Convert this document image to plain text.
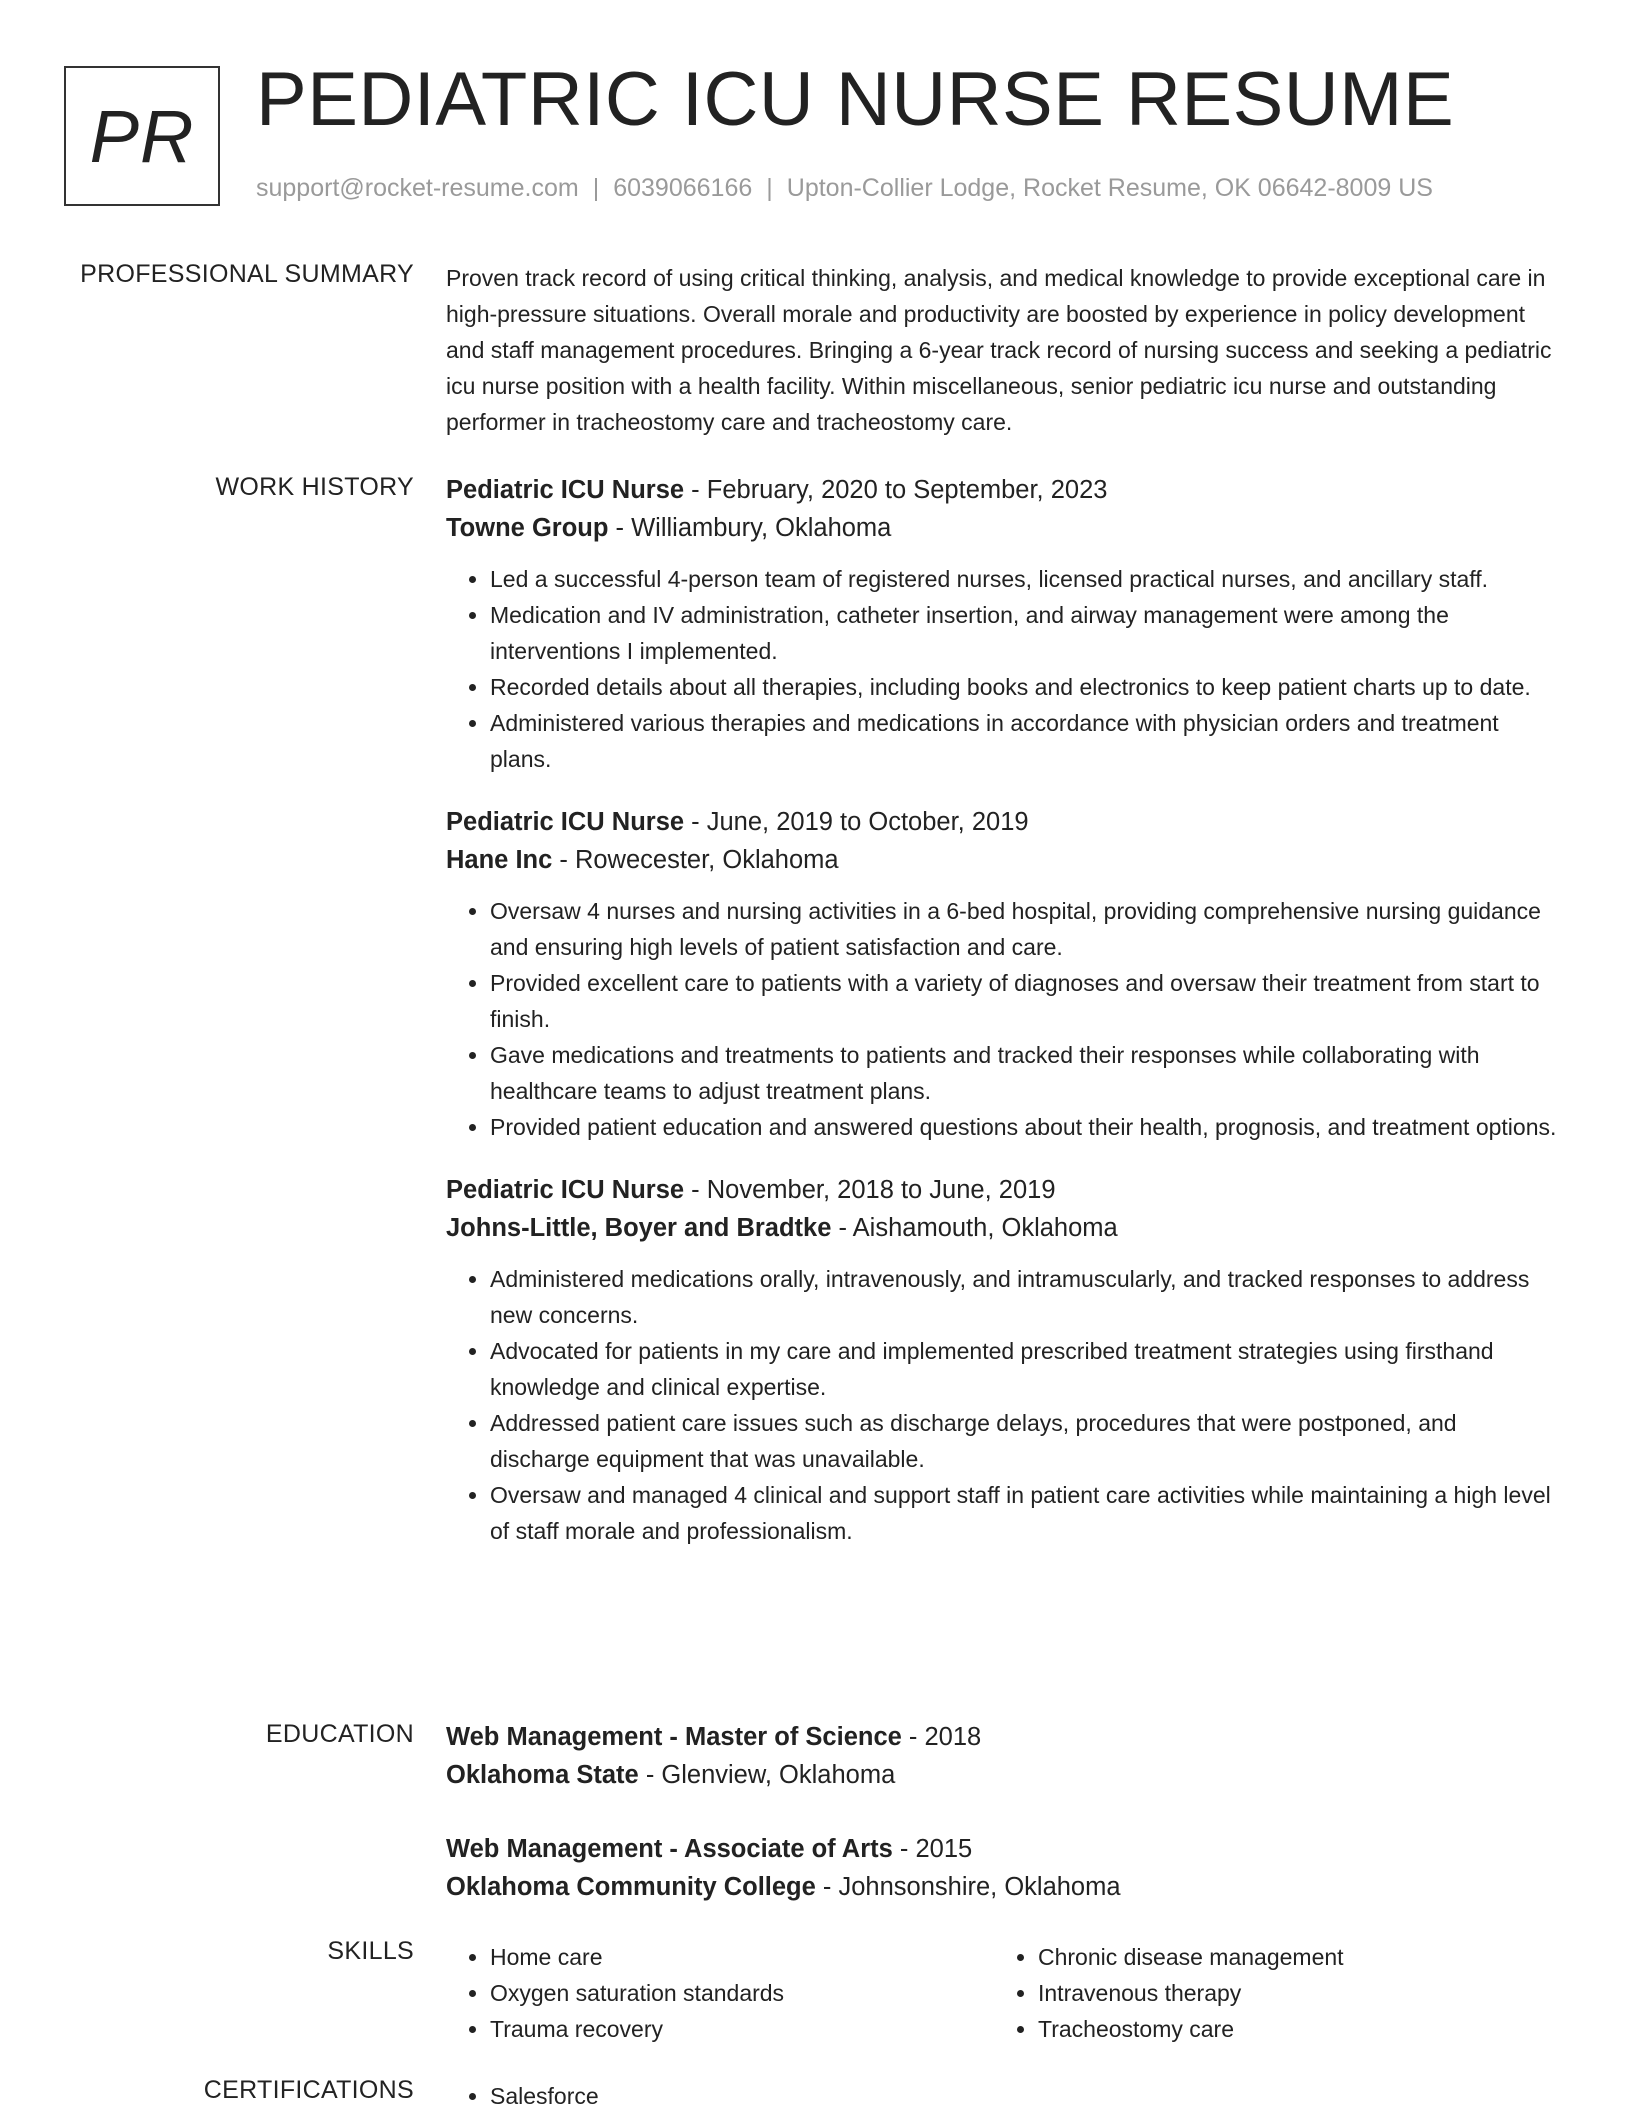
PR PEDIATRIC ICU NURSE RESUME
support@rocket-resume.com | 6039066166 | Upton-Collier Lodge, Rocket Resume, OK 06642-8009 US
PROFESSIONAL SUMMARY Proven track record of using critical thinking, analysis, and medical knowledge to provide exceptional care in high-pressure situations. Overall morale and productivity are boosted by experience in policy development and staff management procedures. Bringing a 6-year track record of nursing success and seeking a pediatric icu nurse position with a health facility. Within miscellaneous, senior pediatric icu nurse and outstanding performer in tracheostomy care and tracheostomy care.

WORK HISTORY Pediatric ICU Nurse - February, 2020 to September, 2023
Towne Group - Williambury, Oklahoma
• Led a successful 4-person team of registered nurses, licensed practical nurses, and ancillary staff.
• Medication and IV administration, catheter insertion, and airway management were among the interventions I implemented.
• Recorded details about all therapies, including books and electronics to keep patient charts up to date.
• Administered various therapies and medications in accordance with physician orders and treatment plans.
Pediatric ICU Nurse - June, 2019 to October, 2019
Hane Inc - Rowecester, Oklahoma
• Oversaw 4 nurses and nursing activities in a 6-bed hospital, providing comprehensive nursing guidance and ensuring high levels of patient satisfaction and care.
• Provided excellent care to patients with a variety of diagnoses and oversaw their treatment from start to finish.
• Gave medications and treatments to patients and tracked their responses while collaborating with healthcare teams to adjust treatment plans.
• Provided patient education and answered questions about their health, prognosis, and treatment options.
Pediatric ICU Nurse - November, 2018 to June, 2019
Johns-Little, Boyer and Bradtke - Aishamouth, Oklahoma
• Administered medications orally, intravenously, and intramuscularly, and tracked responses to address new concerns.
• Advocated for patients in my care and implemented prescribed treatment strategies using firsthand knowledge and clinical expertise.
• Addressed patient care issues such as discharge delays, procedures that were postponed, and discharge equipment that was unavailable.
• Oversaw and managed 4 clinical and support staff in patient care activities while maintaining a high level of staff morale and professionalism.
EDUCATION Web Management - Master of Science - 2018
Oklahoma State - Glenview, Oklahoma
Web Management - Associate of Arts - 2015
Oklahoma Community College - Johnsonshire, Oklahoma
SKILLS	• Home care
• Oxygen saturation standards
• Trauma recovery
• Chronic disease management
• Intravenous therapy
• Tracheostomy care
CERTIFICATIONS	• Salesforce
